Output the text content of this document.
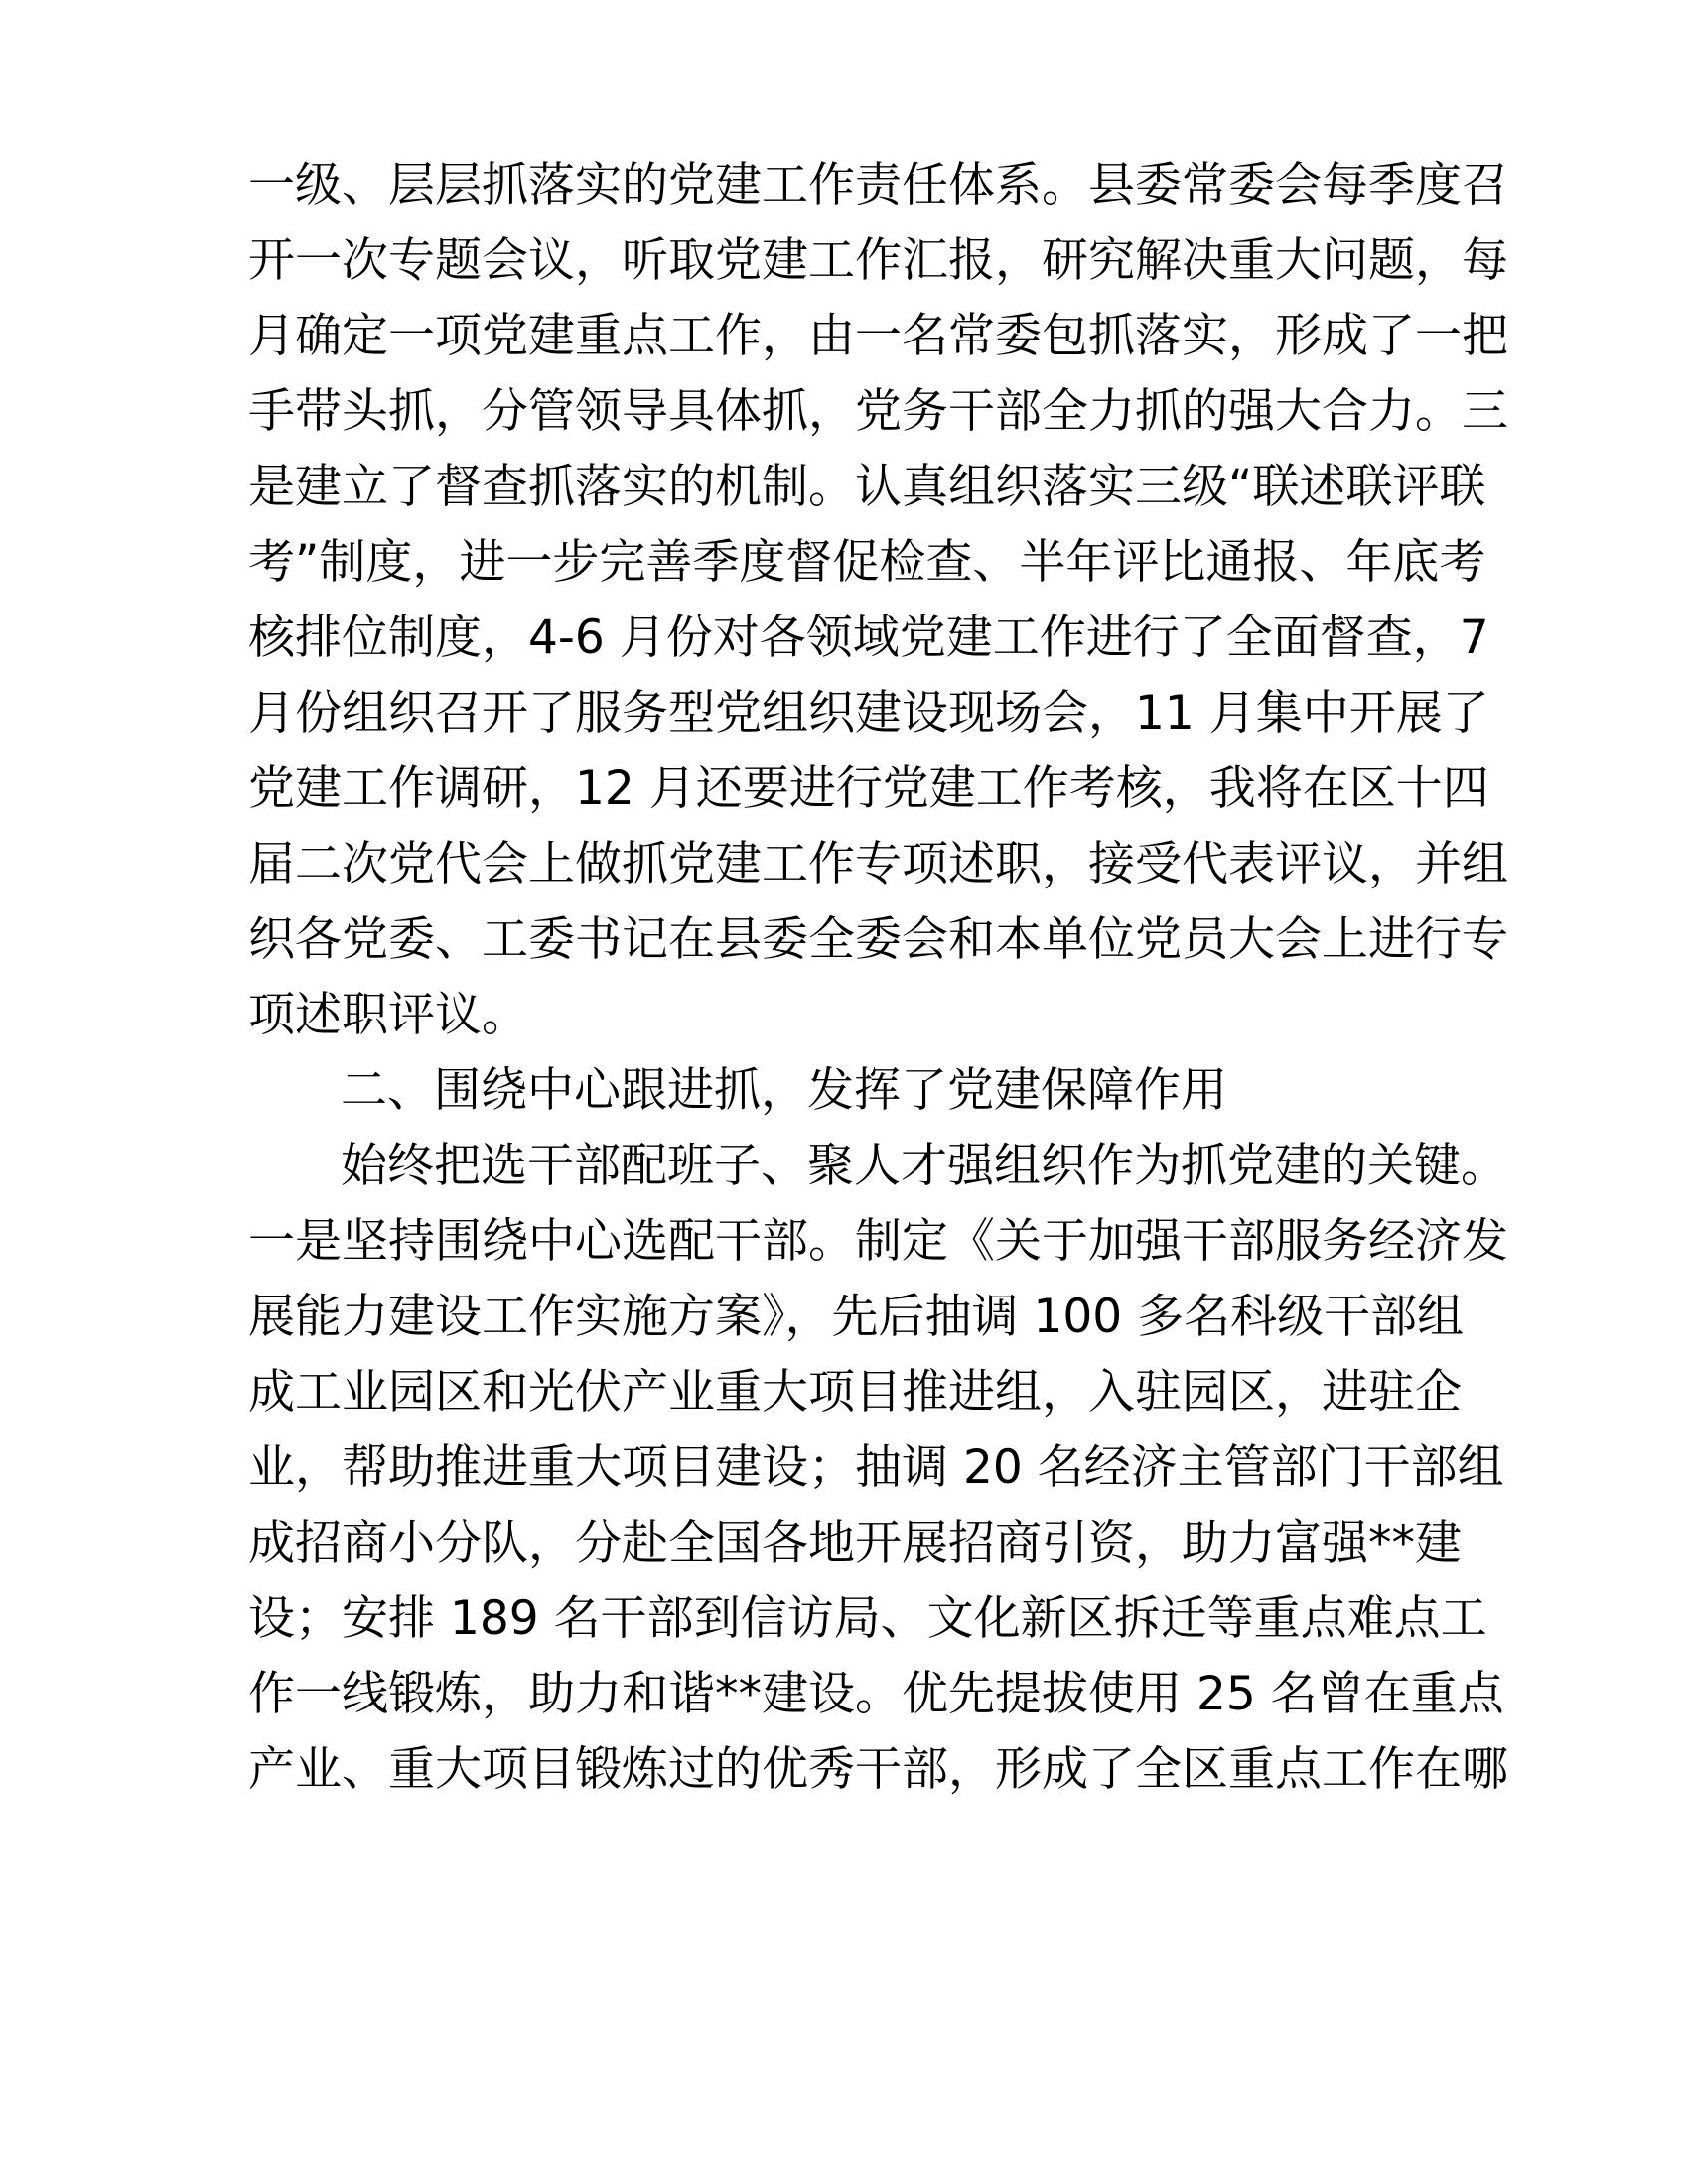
一级、层层抓落实的党建工作责任体系。县委常委会每季度召
开一次专题会议，听取党建工作汇报，研究解决重大问题，每
月确定一项党建重点工作，由一名常委包抓落实，形成了一把
手带头抓，分管领导具体抓，党务干部全力抓的强大合力。三
是建立了督查抓落实的机制。认真组织落实三级“联述联评联
考”制度，进一步完善季度督促检查、半年评比通报、年底考
核排位制度，4-6 月份对各领域党建工作进行了全面督查，7
月份组织召开了服务型党组织建设现场会，11 月集中开展了
党建工作调研，12 月还要进行党建工作考核，我将在区十四
届二次党代会上做抓党建工作专项述职，接受代表评议，并组
织各党委、工委书记在县委全委会和本单位党员大会上进行专
项述职评议。
二、围绕中心跟进抓，发挥了党建保障作用
始终把选干部配班子、聚人才强组织作为抓党建的关键。
一是坚持围绕中心选配干部。制定《关于加强干部服务经济发
展能力建设工作实施方案》，先后抽调 100 多名科级干部组
成工业园区和光伏产业重大项目推进组，入驻园区，进驻企
业，帮助推进重大项目建设；抽调 20 名经济主管部门干部组
成招商小分队，分赴全国各地开展招商引资，助力富强**建
设；安排 189 名干部到信访局、文化新区拆迁等重点难点工
作一线锻炼，助力和谐**建设。优先提拔使用 25 名曾在重点
产业、重大项目锻炼过的优秀干部，形成了全区重点工作在哪
